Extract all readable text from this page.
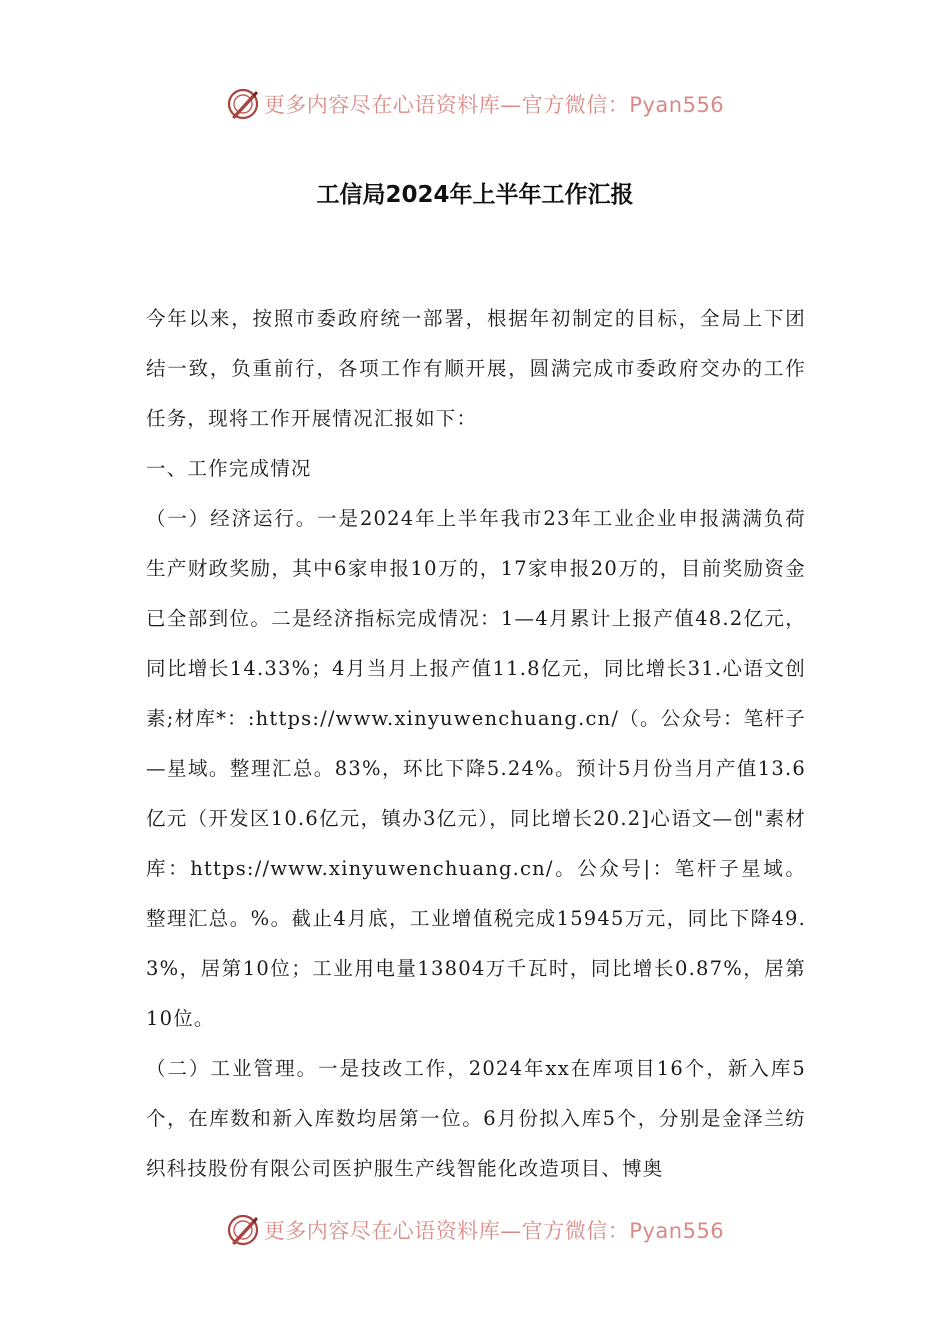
更多内容尽在心语资料库—官方微信：Pyan556
工信局2024年上半年工作汇报

今年以来，按照市委政府统一部署，根据年初制定的目标，全局上下团结一致，负重前行，各项工作有顺开展，圆满完成市委政府交办的工作任务，现将工作开展情况汇报如下：

一、工作完成情况

（一）经济运行。一是2024年上半年我市23年工业企业申报满满负荷生产财政奖励，其中6家申报10万的，17家申报20万的，目前奖励资金已全部到位。二是经济指标完成情况：1—4月累计上报产值48.2亿元，同比增长14.33%；4月当月上报产值11.8亿元，同比增长31.心语文创素;材库*：:https://www.xinyuwenchuang.cn/（。公众号：笔杆子—星域。整理汇总。83%，环比下降5.24%。预计5月份当月产值13.6亿元（开发区10.6亿元，镇办3亿元），同比增长20.2]心语文—创"素材库：https://www.xinyuwenchuang.cn/。公众号|：笔杆子星域。整理汇总。%。截止4月底，工业增值税完成15945万元，同比下降49.3%，居第10位；工业用电量13804万千瓦时，同比增长0.87%，居第10位。

（二）工业管理。一是技改工作，2024年xx在库项目16个，新入库5个，在库数和新入库数均居第一位。6月份拟入库5个，分别是金泽兰纺织科技股份有限公司医护服生产线智能化改造项目、博奥

更多内容尽在心语资料库—官方微信：Pyan556
